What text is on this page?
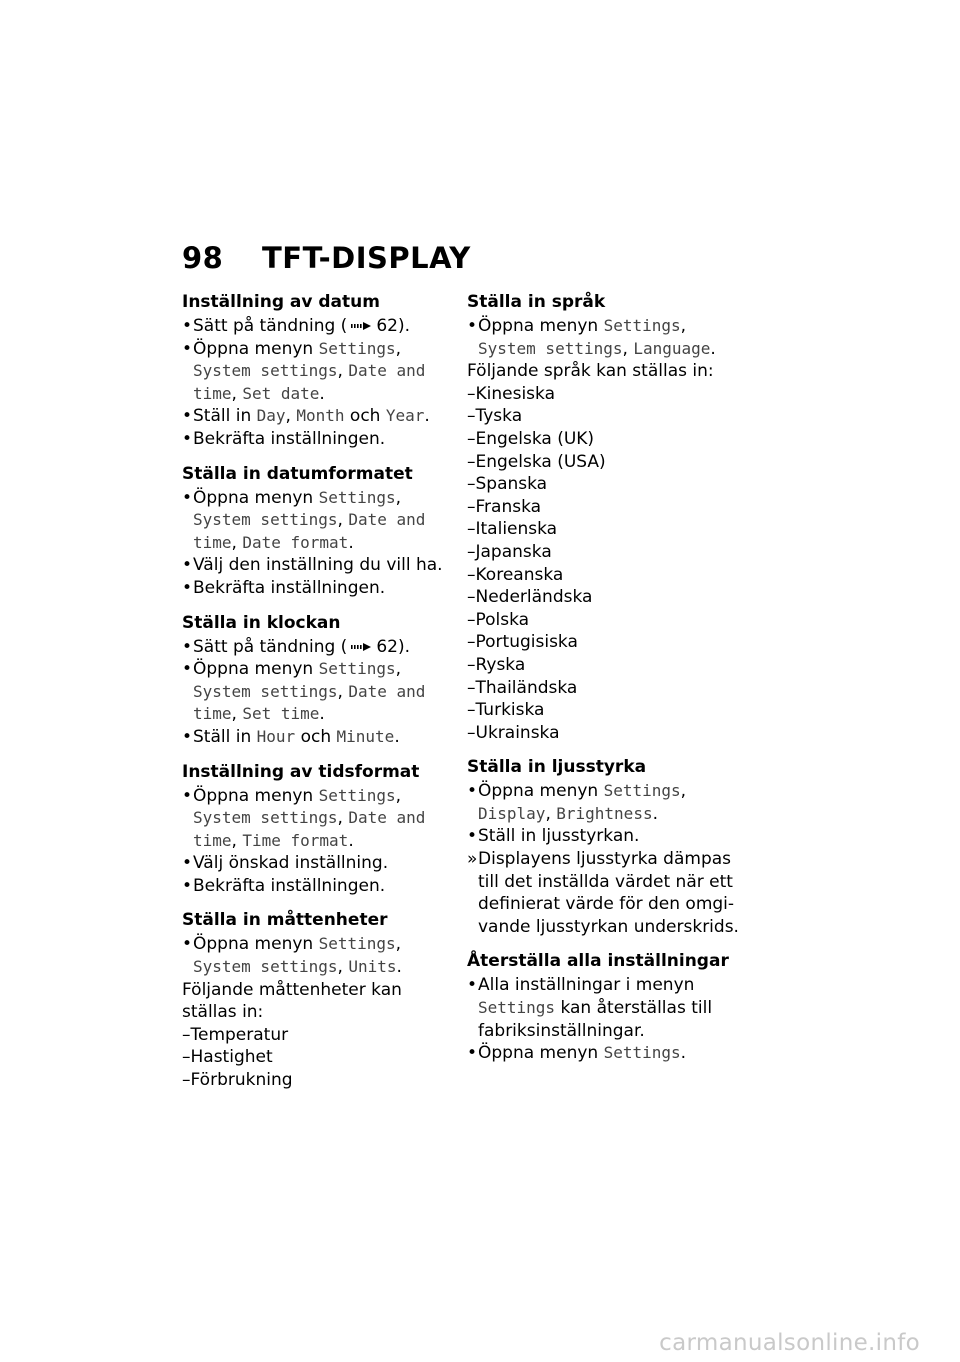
98 TFT-DISPLAY
Inställning av datum
• Sätt på tändning ( 62).
• Öppna menyn Settings, System settings, Date and time, Set date.
• Ställ in Day, Month och Year.
• Bekräfta inställningen.
Ställa in datumformatet
• Öppna menyn Settings, System settings, Date and time, Date format.
• Välj den inställning du vill ha.
• Bekräfta inställningen.
Ställa in klockan
• Sätt på tändning ( 62).
• Öppna menyn Settings, System settings, Date and time, Set time.
• Ställ in Hour och Minute.
Inställning av tidsformat
• Öppna menyn Settings, System settings, Date and time, Time format.
• Välj önskad inställning.
• Bekräfta inställningen.
Ställa in måttenheter
• Öppna menyn Settings, System settings, Units.
Följande måttenheter kan ställas in:
–Temperatur
–Hastighet
–Förbrukning
Ställa in språk
• Öppna menyn Settings, System settings, Language.
Följande språk kan ställas in:
–Kinesiska
–Tyska
–Engelska (UK)
–Engelska (USA)
–Spanska
–Franska
–Italienska
–Japanska
–Koreanska
–Nederländska
–Polska
–Portugisiska
–Ryska
–Thailändska
–Turkiska
–Ukrainska
Ställa in ljusstyrka
• Öppna menyn Settings, Display, Brightness.
• Ställ in ljusstyrkan.
» Displayens ljusstyrka dämpas till det inställda värdet när ett definierat värde för den omgivande ljusstyrkan underskrids.
Återställa alla inställningar
• Alla inställningar i menyn Settings kan återställas till fabriksinställningar.
• Öppna menyn Settings.
carmanualsonline.info
